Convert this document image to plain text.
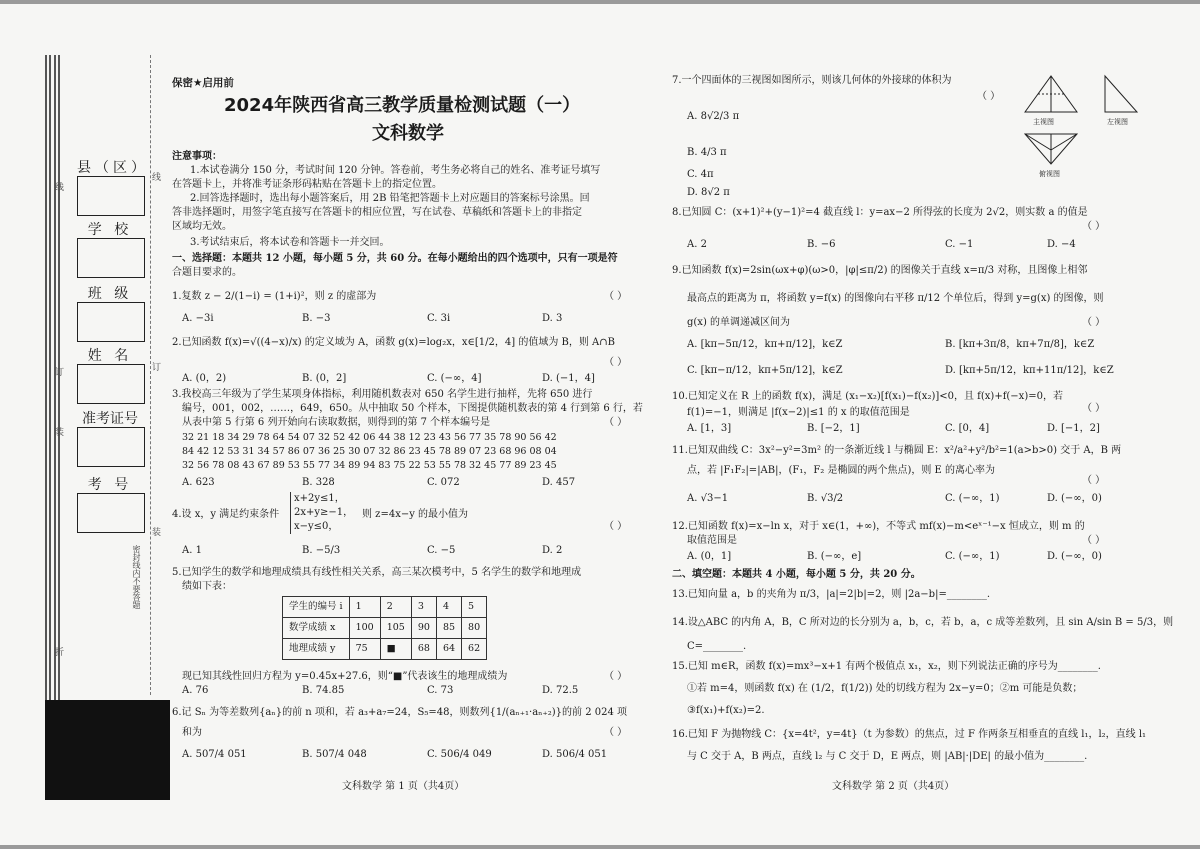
线
订
装
线
订
装
折
密封线内不要答题
县（区）
学 校
班 级
姓 名
准考证号
考 号
保密★启用前
2024年陕西省高三教学质量检测试题（一）
文科数学
注意事项：
1.本试卷满分 150 分，考试时间 120 分钟。答卷前，考生务必将自己的姓名、准考证号填写
在答题卡上，并将准考证条形码粘贴在答题卡上的指定位置。
2.回答选择题时，选出每小题答案后，用 2B 铅笔把答题卡上对应题目的答案标号涂黑。回
答非选择题时，用签字笔直接写在答题卡的相应位置，写在试卷、草稿纸和答题卡上的非指定
区域均无效。
3.考试结束后，将本试卷和答题卡一并交回。
一、选择题：本题共 12 小题，每小题 5 分，共 60 分。在每小题给出的四个选项中，只有一项是符
合题目要求的。
1.复数 z − 2/(1−i) = (1+i)²，则 z 的虚部为	（ ）
A. −3i	B. −3	C. 3i	D. 3
2.已知函数 f(x)=√((4−x)/x) 的定义域为 A，函数 g(x)=log₂x，x∈[1/2，4] 的值域为 B，则 A∩B
（ ）
A. (0，2)	B. (0，2]	C. (−∞，4]	D. (−1，4]
3.我校高三年级为了学生某项身体指标，利用随机数表对 650 名学生进行抽样，先将 650 进行
编号，001，002，……，649，650。从中抽取 50 个样本，下图提供随机数表的第 4 行到第 6 行，若
从表中第 5 行第 6 列开始向右读取数据，则得到的第 7 个样本编号是	（ ）
32 21 18 34 29 78 64 54 07 32 52 42 06 44 38 12 23 43 56 77 35 78 90 56 42
84 42 12 53 31 34 57 86 07 36 25 30 07 32 86 23 45 78 89 07 23 68 96 08 04
32 56 78 08 43 67 89 53 55 77 34 89 94 83 75 22 53 55 78 32 45 77 89 23 45
A. 623	B. 328	C. 072	D. 457
4.设 x，y 满足约束条件
x+2y≤1，
2x+y≥−1，
x−y≤0，
则 z=4x−y 的最小值为
（ ）
A. 1	B. −5/3	C. −5	D. 2
5.已知学生的数学和地理成绩具有线性相关关系，高三某次模考中，5 名学生的数学和地理成
绩如下表：
学生的编号 i	1	2	3	4	5
数学成绩 x	100	105	90	85	80
地理成绩 y	75	■	68	64	62
现已知其线性回归方程为 y=0.45x+27.6，则“■”代表该生的地理成绩为	（ ）
A. 76	B. 74.85	C. 73	D. 72.5
6.记 Sₙ 为等差数列{aₙ}的前 n 项和，若 a₃+a₇=24，S₅=48，则数列{1/(aₙ₊₁·aₙ₊₂)}的前 2 024 项
和为	（ ）
A. 507/4 051	B. 507/4 048	C. 506/4 049	D. 506/4 051
文科数学 第 1 页（共4页）
7.一个四面体的三视图如图所示，则该几何体的外接球的体积为
（ ）
A. 8√2/3 π
B. 4/3 π
C. 4π
D. 8√2 π
主视图	左视图
俯视图
8.已知圆 C：(x+1)²+(y−1)²=4 截直线 l：y=ax−2 所得弦的长度为 2√2，则实数 a 的值是
（ ）
A. 2	B. −6	C. −1	D. −4
9.已知函数 f(x)=2sin(ωx+φ)(ω>0，|φ|≤π/2) 的图像关于直线 x=π/3 对称，且图像上相邻
最高点的距离为 π，将函数 y=f(x) 的图像向右平移 π/12 个单位后，得到 y=g(x) 的图像，则
g(x) 的单调递减区间为	（ ）
A. [kπ−5π/12，kπ+π/12]，k∈Z	B. [kπ+3π/8，kπ+7π/8]，k∈Z
C. [kπ−π/12，kπ+5π/12]，k∈Z	D. [kπ+5π/12，kπ+11π/12]，k∈Z
10.已知定义在 R 上的函数 f(x)，满足 (x₁−x₂)[f(x₁)−f(x₂)]<0，且 f(x)+f(−x)=0，若
f(1)=−1，则满足 |f(x−2)|≤1 的 x 的取值范围是	（ ）
A. [1，3]	B. [−2，1]	C. [0，4]	D. [−1，2]
11.已知双曲线 C：3x²−y²=3m² 的一条渐近线 l 与椭圆 E：x²/a²+y²/b²=1(a>b>0) 交于 A，B 两
点，若 |F₁F₂|=|AB|，(F₁，F₂ 是椭圆的两个焦点)，则 E 的离心率为
（ ）
A. √3−1	B. √3/2	C. (−∞，1)	D. (−∞，0)
12.已知函数 f(x)=x−ln x，对于 x∈(1，+∞)，不等式 mf(x)−m<eˣ⁻¹−x 恒成立，则 m 的
取值范围是	（ ）
A. (0，1]	B. (−∞，e]	C. (−∞，1)	D. (−∞，0)
二、填空题：本题共 4 小题，每小题 5 分，共 20 分。
13.已知向量 a，b 的夹角为 π/3，|a|=2|b|=2，则 |2a−b|=________.
14.设△ABC 的内角 A，B，C 所对边的长分别为 a，b，c，若 b，a，c 成等差数列，且 sin A/sin B = 5/3，则
C=________.
15.已知 m∈R，函数 f(x)=mx³−x+1 有两个极值点 x₁，x₂，则下列说法正确的序号为________.
①若 m=4，则函数 f(x) 在 (1/2，f(1/2)) 处的切线方程为 2x−y=0；②m 可能是负数；
③f(x₁)+f(x₂)=2.
16.已知 F 为抛物线 C：{x=4t²，y=4t}（t 为参数）的焦点，过 F 作两条互相垂直的直线 l₁，l₂，直线 l₁
与 C 交于 A，B 两点，直线 l₂ 与 C 交于 D，E 两点，则 |AB|·|DE| 的最小值为________.
文科数学 第 2 页（共4页）
